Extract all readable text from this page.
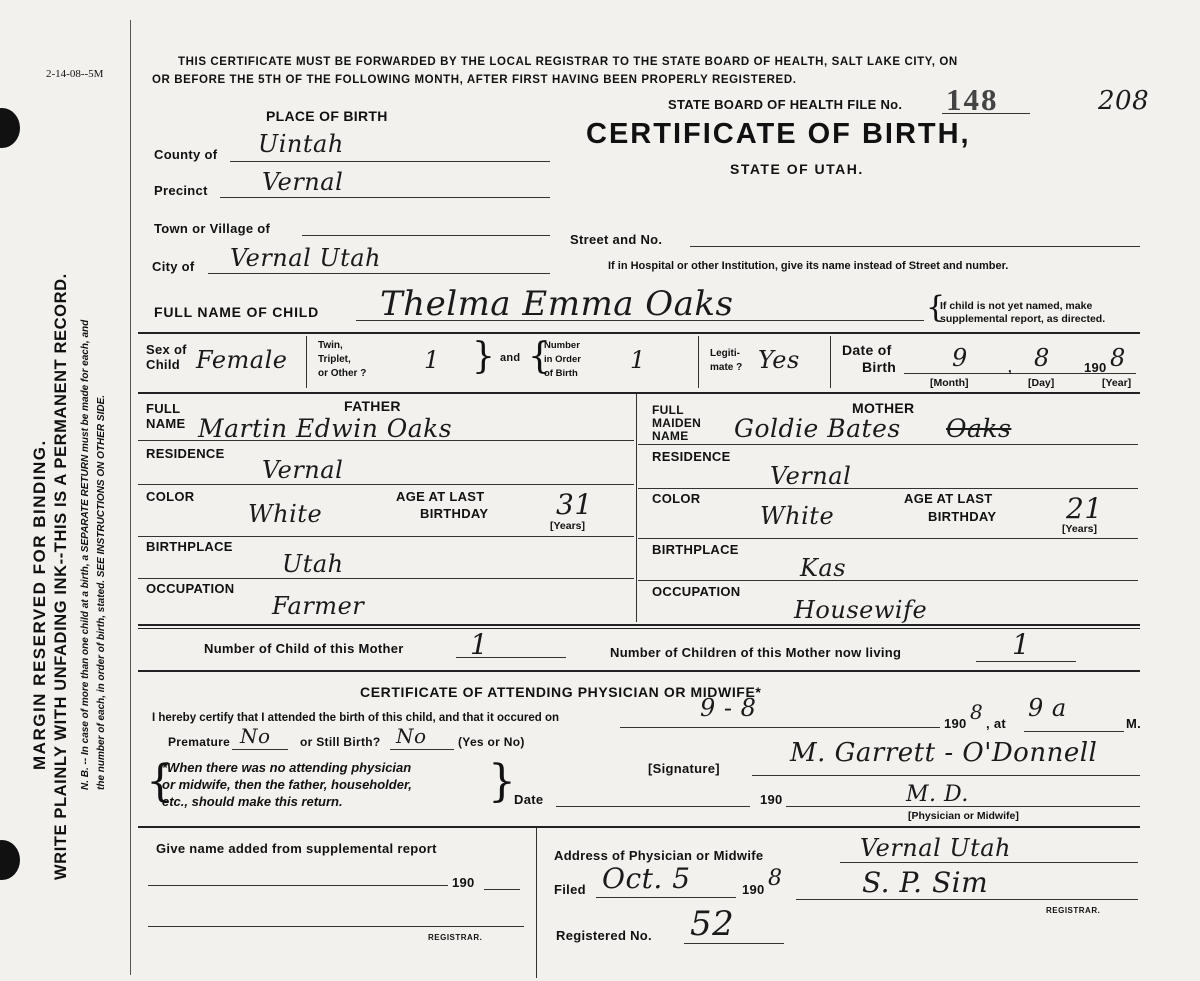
2-14-08--5M
MARGIN RESERVED FOR BINDING. WRITE PLAINLY WITH UNFADING INK--THIS IS A PERMANENT RECORD. N. B. -- In case of more than one child at a birth, a SEPARATE RETURN must be made for each, and the number of each, in order of birth, stated. SEE INSTRUCTIONS ON OTHER SIDE.
THIS CERTIFICATE MUST BE FORWARDED BY THE LOCAL REGISTRAR TO THE STATE BOARD OF HEALTH, SALT LAKE CITY, ON
OR BEFORE THE 5TH OF THE FOLLOWING MONTH, AFTER FIRST HAVING BEEN PROPERLY REGISTERED.
STATE BOARD OF HEALTH FILE No. 148	208
CERTIFICATE OF BIRTH,
STATE OF UTAH.
PLACE OF BIRTH
County of Uintah
Precinct Vernal
Town or Village of
City of Vernal Utah
Street and No.
If in Hospital or other Institution, give its name instead of Street and number.
FULL NAME OF CHILD Thelma Emma Oaks	{
If child is not yet named, make
supplemental report, as directed.
Sex of
Child Female
Twin,
Triplet,
or Other ? 1 } and {
Number
in Order
of Birth 1	Legiti-
mate ? Yes	Date of
Birth 9	, 8	190 8
[Month]	[Day]	[Year]
FATHER
FULL
NAME Martin Edwin Oaks
RESIDENCE
Vernal
COLOR
White
AGE AT LAST
BIRTHDAY 31
[Years]
BIRTHPLACE
Utah
OCCUPATION
Farmer
MOTHER
FULL
MAIDEN
NAME Goldie Bates Oaks
RESIDENCE
Vernal
COLOR
White
AGE AT LAST
BIRTHDAY 21
[Years]
BIRTHPLACE
Kas
OCCUPATION
Housewife
Number of Child of this Mother 1	Number of Children of this Mother now living	1
CERTIFICATE OF ATTENDING PHYSICIAN OR MIDWIFE*
I hereby certify that I attended the birth of this child, and that it occured on	9 - 8
190 8 , at
9 a
M.
Premature No or Still Birth? No	(Yes or No)
{
*When there was no attending physician
or midwife, then the father, householder,
etc., should make this return.	}	[Signature]
M. Garrett - O'Donnell
M. D.
Date	190
[Physician or Midwife]
Give name added from supplemental report
190
REGISTRAR.
Address of Physician or Midwife	Vernal Utah
Filed Oct. 5	190 8	S. P. Sim
REGISTRAR.
Registered No. 52
